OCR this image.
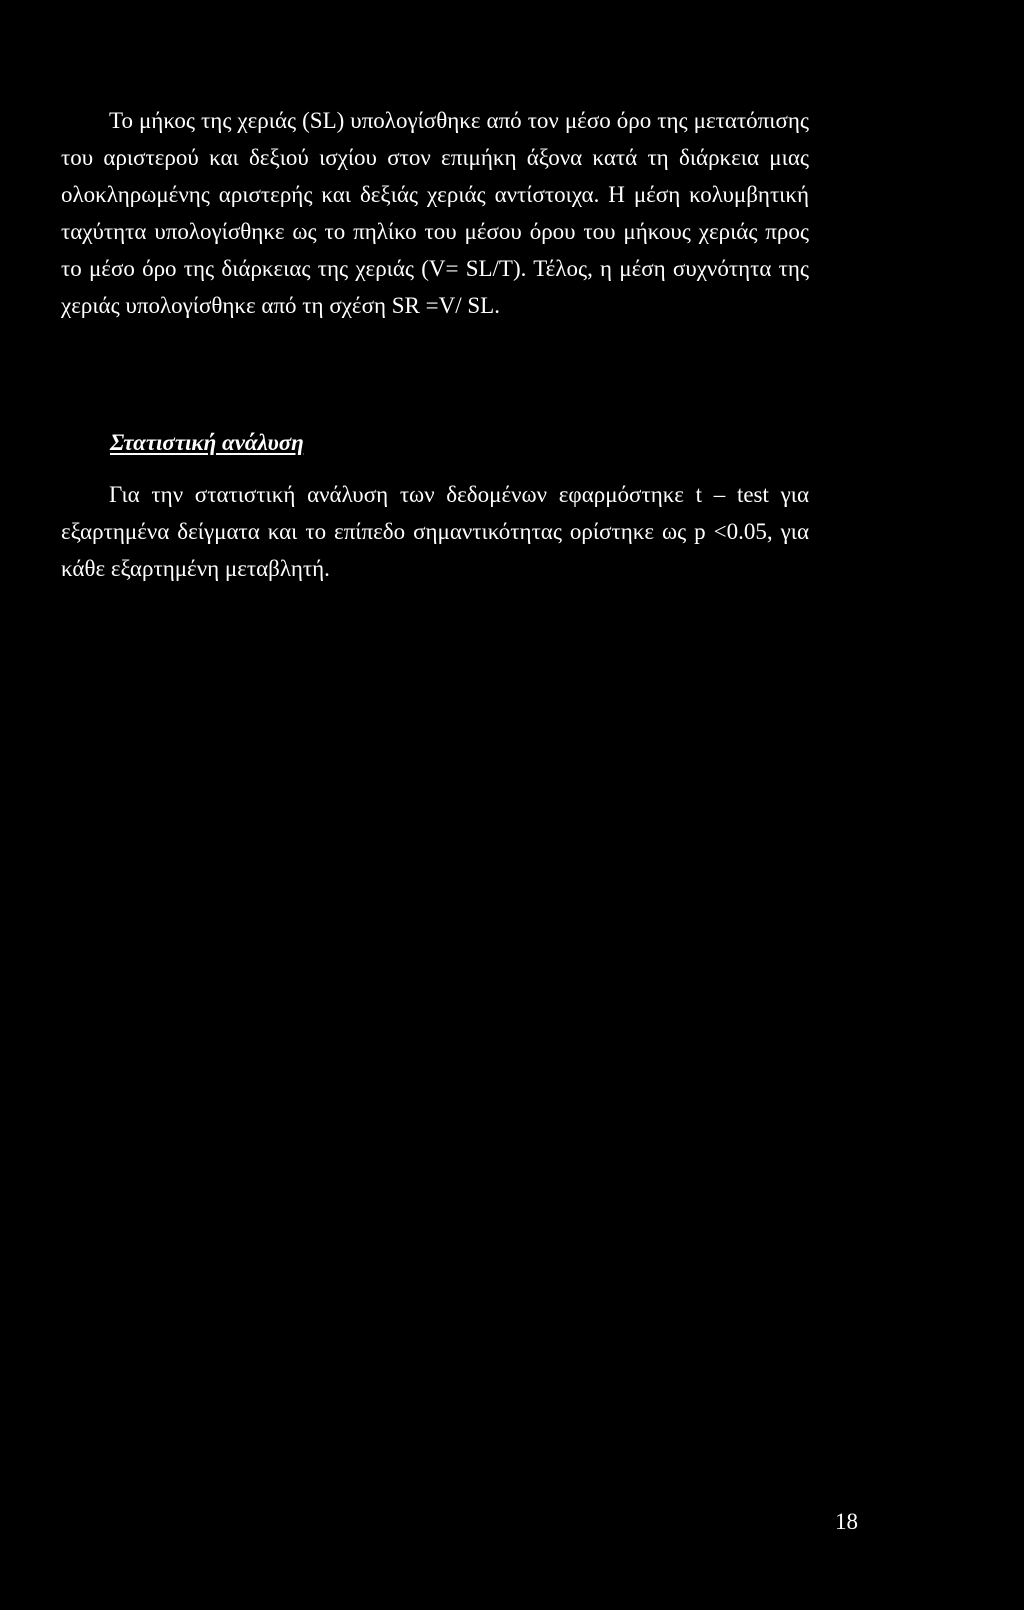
Το μήκος της χεριάς (SL) υπολογίσθηκε από τον μέσο όρο της μετατόπισης του αριστερού και δεξιού ισχίου στον επιμήκη άξονα κατά τη διάρκεια μιας ολοκληρωμένης αριστερής και δεξιάς χεριάς αντίστοιχα. Η μέση κολυμβητική ταχύτητα υπολογίσθηκε ως το πηλίκο του μέσου όρου του μήκους χεριάς προς το μέσο όρο της διάρκειας της χεριάς (V= SL/T). Τέλος, η μέση συχνότητα της χεριάς υπολογίσθηκε από τη σχέση SR =V/ SL.

Στατιστική ανάλυση

Για την στατιστική ανάλυση των δεδομένων εφαρμόστηκε t – test για εξαρτημένα δείγματα και το επίπεδο σημαντικότητας ορίστηκε ως p <0.05, για κάθε εξαρτημένη μεταβλητή.

18
